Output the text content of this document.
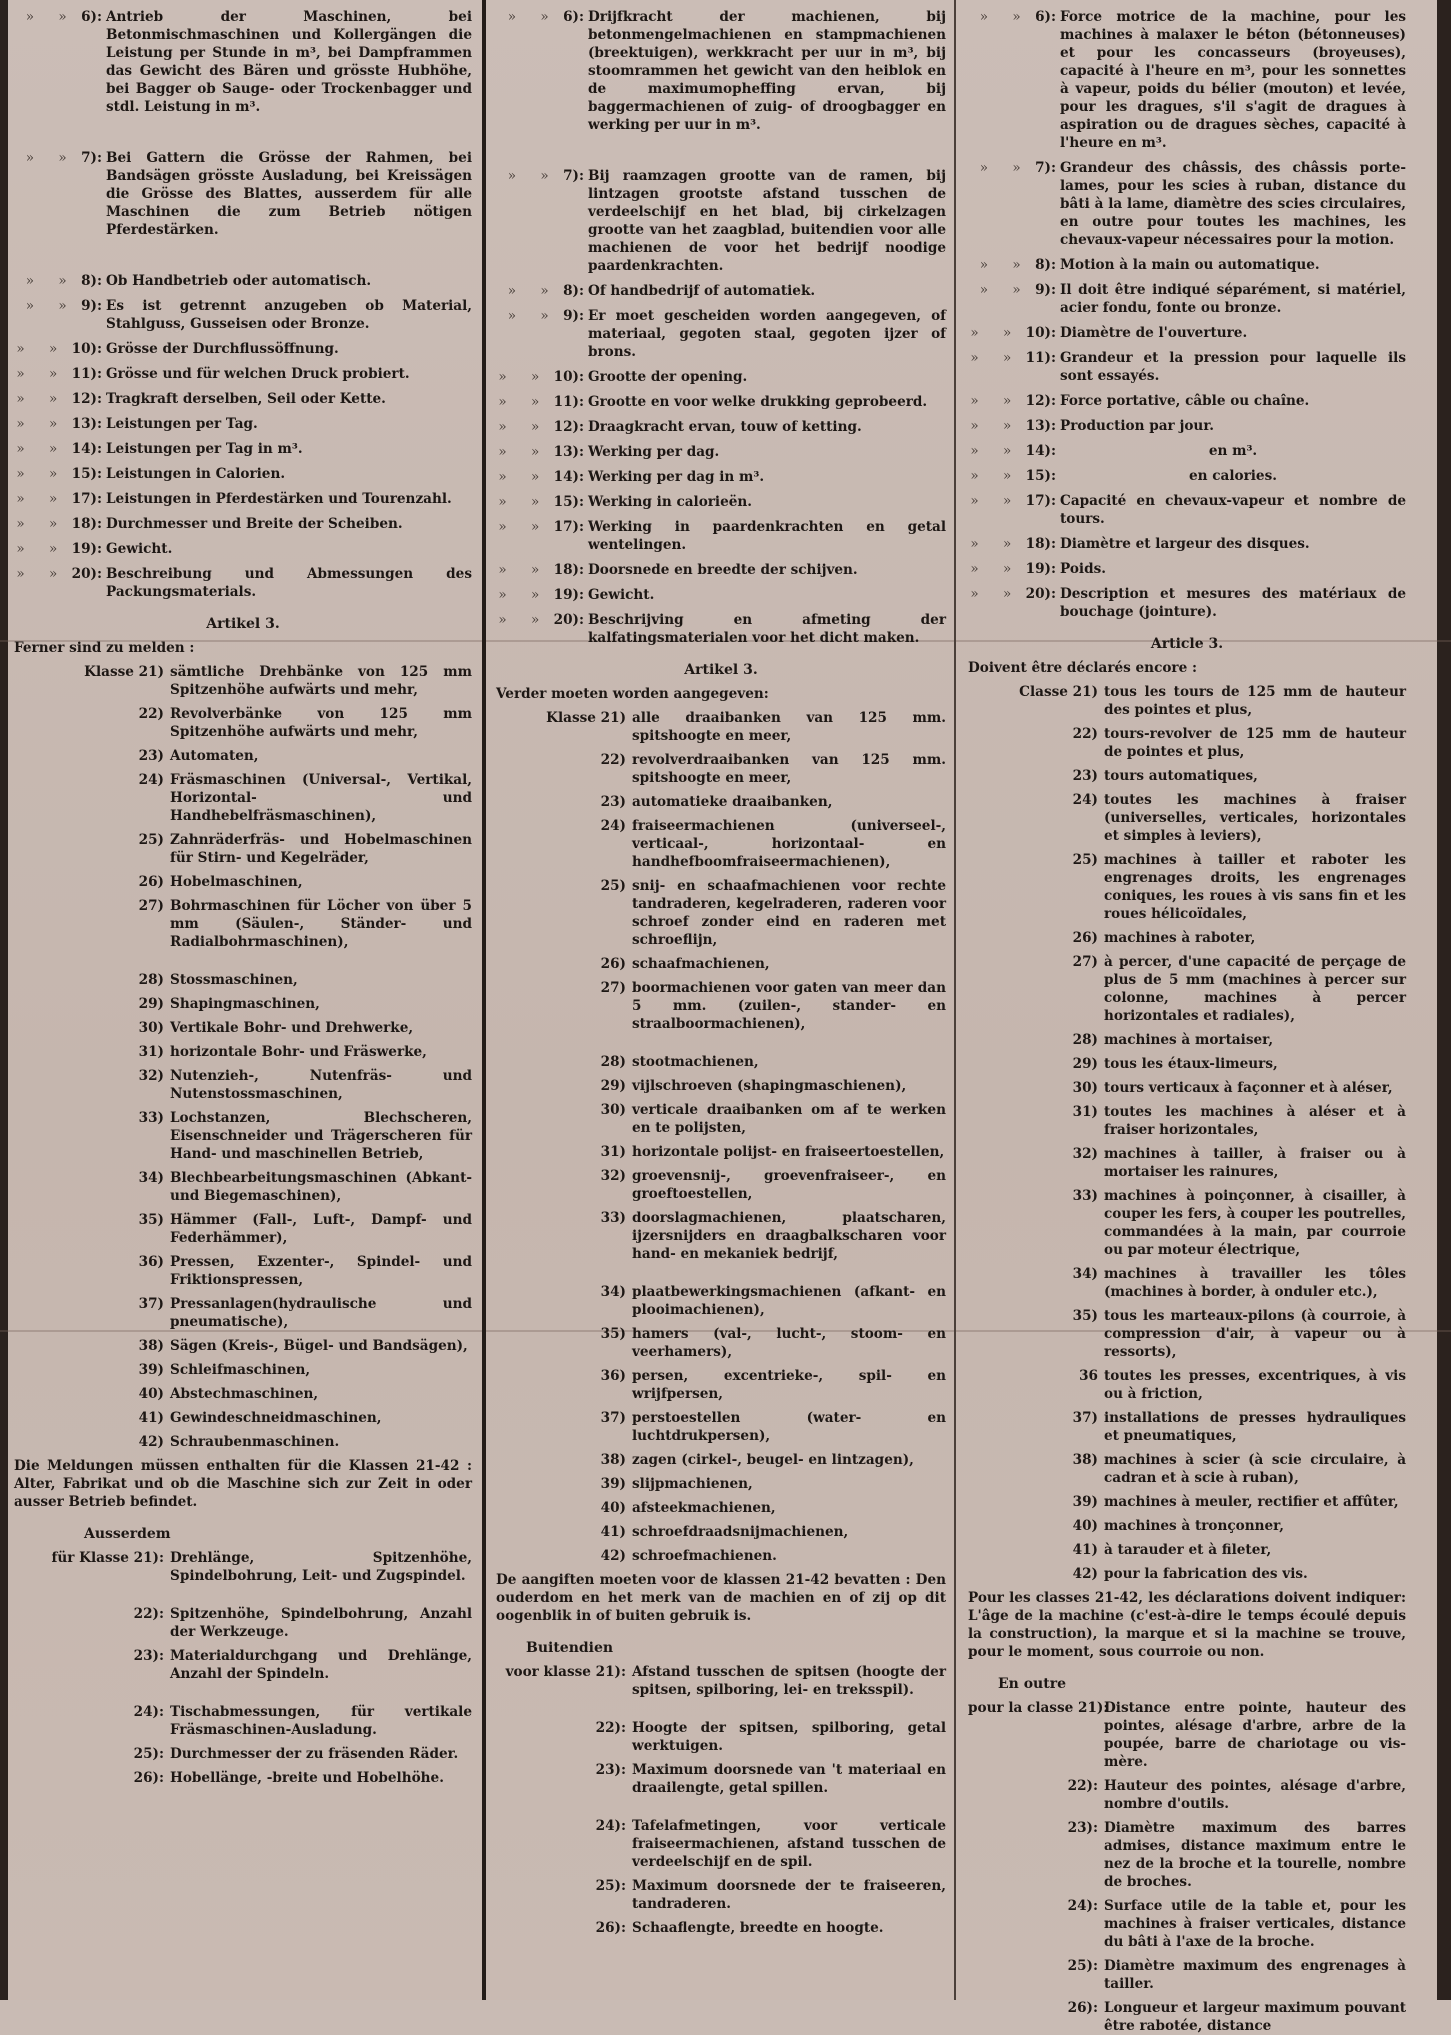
» » 6): Antrieb der Maschinen, bei Betonmischmaschinen und Kollergängen die Leistung per Stunde in m³, bei Dampframmen das Gewicht des Bären und grösste Hubhöhe, bei Bagger ob Sauge- oder Trockenbagger und stdl. Leistung in m³.
» » 7): Bei Gattern die Grösse der Rahmen, bei Bandsägen grösste Ausladung, bei Kreissägen die Grösse des Blattes, ausserdem für alle Maschinen die zum Betrieb nötigen Pferdestärken.
» » 8): Ob Handbetrieb oder automatisch.
» » 9): Es ist getrennt anzugeben ob Material, Stahlguss, Gusseisen oder Bronze.
» » 10): Grösse der Durchflussöffnung.
» » 11): Grösse und für welchen Druck probiert.
» » 12): Tragkraft derselben, Seil oder Kette.
» » 13): Leistungen per Tag.
» » 14): Leistungen per Tag in m³.
» » 15): Leistungen in Calorien.
» » 17): Leistungen in Pferdestärken und Tourenzahl.
» » 18): Durchmesser und Breite der Scheiben.
» » 19): Gewicht.
» » 20): Beschreibung und Abmessungen des Packungsmaterials.
Artikel 3.
Ferner sind zu melden :
Klasse 21) sämtliche Drehbänke von 125 mm Spitzenhöhe aufwärts und mehr,
22) Revolverbänke von 125 mm Spitzenhöhe aufwärts und mehr,
23) Automaten,
24) Fräsmaschinen (Universal-, Vertikal, Horizontal- und Handhebelfräsmaschinen),
25) Zahnräderfräs- und Hobelmaschinen für Stirn- und Kegelräder,
26) Hobelmaschinen,
27) Bohrmaschinen für Löcher von über 5 mm (Säulen-, Ständer- und Radialbohrmaschinen),
28) Stossmaschinen,
29) Shapingmaschinen,
30) Vertikale Bohr- und Drehwerke,
31) horizontale Bohr- und Fräswerke,
32) Nutenzieh-, Nutenfräs- und Nutenstossmaschinen,
33) Lochstanzen, Blechscheren, Eisenschneider und Trägerscheren für Hand- und maschinellen Betrieb,
34) Blechbearbeitungsmaschinen (Abkant- und Biegemaschinen),
35) Hämmer (Fall-, Luft-, Dampf- und Federhämmer),
36) Pressen, Exzenter-, Spindel- und Friktionspressen,
37) Pressanlagen(hydraulische und pneumatische),
38) Sägen (Kreis-, Bügel- und Bandsägen),
39) Schleifmaschinen,
40) Abstechmaschinen,
41) Gewindeschneidmaschinen,
42) Schraubenmaschinen.
Die Meldungen müssen enthalten für die Klassen 21-42 : Alter, Fabrikat und ob die Maschine sich zur Zeit in oder ausser Betrieb befindet.
Ausserdem
für Klasse 21): Drehlänge, Spitzenhöhe, Spindelbohrung, Leit- und Zugspindel.
22): Spitzenhöhe, Spindelbohrung, Anzahl der Werkzeuge.
23): Materialdurchgang und Drehlänge, Anzahl der Spindeln.
24): Tischabmessungen, für vertikale Fräsmaschinen-Ausladung.
25): Durchmesser der zu fräsenden Räder.
26): Hobellänge, -breite und Hobelhöhe.
» » 6): Drijfkracht der machienen, bij betonmengelmachienen en stampmachienen (breektuigen), werkkracht per uur in m³, bij stoomrammen het gewicht van den heiblok en de maximumopheffing ervan, bij baggermachienen of zuig- of droogbagger en werking per uur in m³.
» » 7): Bij raamzagen grootte van de ramen, bij lintzagen grootste afstand tusschen de verdeelschijf en het blad, bij cirkelzagen grootte van het zaagblad, buitendien voor alle machienen de voor het bedrijf noodige paardenkrachten.
» » 8): Of handbedrijf of automatiek.
» » 9): Er moet gescheiden worden aangegeven, of materiaal, gegoten staal, gegoten ijzer of brons.
» » 10): Grootte der opening.
» » 11): Grootte en voor welke drukking geprobeerd.
» » 12): Draagkracht ervan, touw of ketting.
» » 13): Werking per dag.
» » 14): Werking per dag in m³.
» » 15): Werking in calorieën.
» » 17): Werking in paardenkrachten en getal wentelingen.
» » 18): Doorsnede en breedte der schijven.
» » 19): Gewicht.
» » 20): Beschrijving en afmeting der kalfatingsmaterialen voor het dicht maken.
Artikel 3.
Verder moeten worden aangegeven:
Klasse 21) alle draaibanken van 125 mm. spitshoogte en meer,
22) revolverdraaibanken van 125 mm. spitshoogte en meer,
23) automatieke draaibanken,
24) fraiseermachienen (universeel-, verticaal-, horizontaal- en handhefboomfraiseermachienen),
25) snij- en schaafmachienen voor rechte tandraderen, kegelraderen, raderen voor schroef zonder eind en raderen met schroeflijn,
26) schaafmachienen,
27) boormachienen voor gaten van meer dan 5 mm. (zuilen-, stander- en straalboormachienen),
28) stootmachienen,
29) vijlschroeven (shapingmaschienen),
30) verticale draaibanken om af te werken en te polijsten,
31) horizontale polijst- en fraiseertoestellen,
32) groevensnij-, groevenfraiseer-, en groeftoestellen,
33) doorslagmachienen, plaatscharen, ijzersnijders en draagbalkscharen voor hand- en mekaniek bedrijf,
34) plaatbewerkingsmachienen (afkant- en plooimachienen),
35) hamers (val-, lucht-, stoom- en veerhamers),
36) persen, excentrieke-, spil- en wrijfpersen,
37) perstoestellen (water- en luchtdrukpersen),
38) zagen (cirkel-, beugel- en lintzagen),
39) slijpmachienen,
40) afsteekmachienen,
41) schroefdraadsnijmachienen,
42) schroefmachienen.
De aangiften moeten voor de klassen 21-42 bevatten : Den ouderdom en het merk van de machien en of zij op dit oogenblik in of buiten gebruik is.
Buitendien
voor klasse 21): Afstand tusschen de spitsen (hoogte der spitsen, spilboring, lei- en treksspil).
22): Hoogte der spitsen, spilboring, getal werktuigen.
23): Maximum doorsnede van 't materiaal en draailengte, getal spillen.
24): Tafelafmetingen, voor verticale fraiseermachienen, afstand tusschen de verdeelschijf en de spil.
25): Maximum doorsnede der te fraiseeren, tandraderen.
26): Schaaflengte, breedte en hoogte.
» » 6): Force motrice de la machine, pour les machines à malaxer le béton (bétonneuses) et pour les concasseurs (broyeuses), capacité à l'heure en m³, pour les sonnettes à vapeur, poids du bélier (mouton) et levée, pour les dragues, s'il s'agit de dragues à aspiration ou de dragues sèches, capacité à l'heure en m³.
» » 7): Grandeur des châssis, des châssis porte-lames, pour les scies à ruban, distance du bâti à la lame, diamètre des scies circulaires, en outre pour toutes les machines, les chevaux-vapeur nécessaires pour la motion.
» » 8): Motion à la main ou automatique.
» » 9): Il doit être indiqué séparément, si matériel, acier fondu, fonte ou bronze.
» » 10): Diamètre de l'ouverture.
» » 11): Grandeur et la pression pour laquelle ils sont essayés.
» » 12): Force portative, câble ou chaîne.
» » 13): Production par jour.
» » 14):	en m³.
» » 15):	en calories.
» » 17): Capacité en chevaux-vapeur et nombre de tours.
» » 18): Diamètre et largeur des disques.
» » 19): Poids.
» » 20): Description et mesures des matériaux de bouchage (jointure).
Article 3.
Doivent être déclarés encore :
Classe 21) tous les tours de 125 mm de hauteur des pointes et plus,
22) tours-revolver de 125 mm de hauteur de pointes et plus,
23) tours automatiques,
24) toutes les machines à fraiser (universelles, verticales, horizontales et simples à leviers),
25) machines à tailler et raboter les engrenages droits, les engrenages coniques, les roues à vis sans fin et les roues hélicoïdales,
26) machines à raboter,
27) à percer, d'une capacité de perçage de plus de 5 mm (machines à percer sur colonne, machines à percer horizontales et radiales),
28) machines à mortaiser,
29) tous les étaux-limeurs,
30) tours verticaux à façonner et à aléser,
31) toutes les machines à aléser et à fraiser horizontales,
32) machines à tailler, à fraiser ou à mortaiser les rainures,
33) machines à poinçonner, à cisailler, à couper les fers, à couper les poutrelles, commandées à la main, par courroie ou par moteur électrique,
34) machines à travailler les tôles (machines à border, à onduler etc.),
35) tous les marteaux-pilons (à courroie, à compression d'air, à vapeur ou à ressorts),
36 toutes les presses, excentriques, à vis ou à friction,
37) installations de presses hydrauliques et pneumatiques,
38) machines à scier (à scie circulaire, à cadran et à scie à ruban),
39) machines à meuler, rectifier et affûter,
40) machines à tronçonner,
41) à tarauder et à fileter,
42) pour la fabrication des vis.
Pour les classes 21-42, les déclarations doivent indiquer: L'âge de la machine (c'est-à-dire le temps écoulé depuis la construction), la marque et si la machine se trouve, pour le moment, sous courroie ou non.
En outre
pour la classe 21):
Distance entre pointe, hauteur des pointes, alésage d'arbre, arbre de la poupée, barre de chariotage ou vis-mère.
22): Hauteur des pointes, alésage d'arbre, nombre d'outils.
23): Diamètre maximum des barres admises, distance maximum entre le nez de la broche et la tourelle, nombre de broches.
24): Surface utile de la table et, pour les machines à fraiser verticales, distance du bâti à l'axe de la broche.
25): Diamètre maximum des engrenages à tailler.
26): Longueur et largeur maximum pouvant être rabotée, distance
